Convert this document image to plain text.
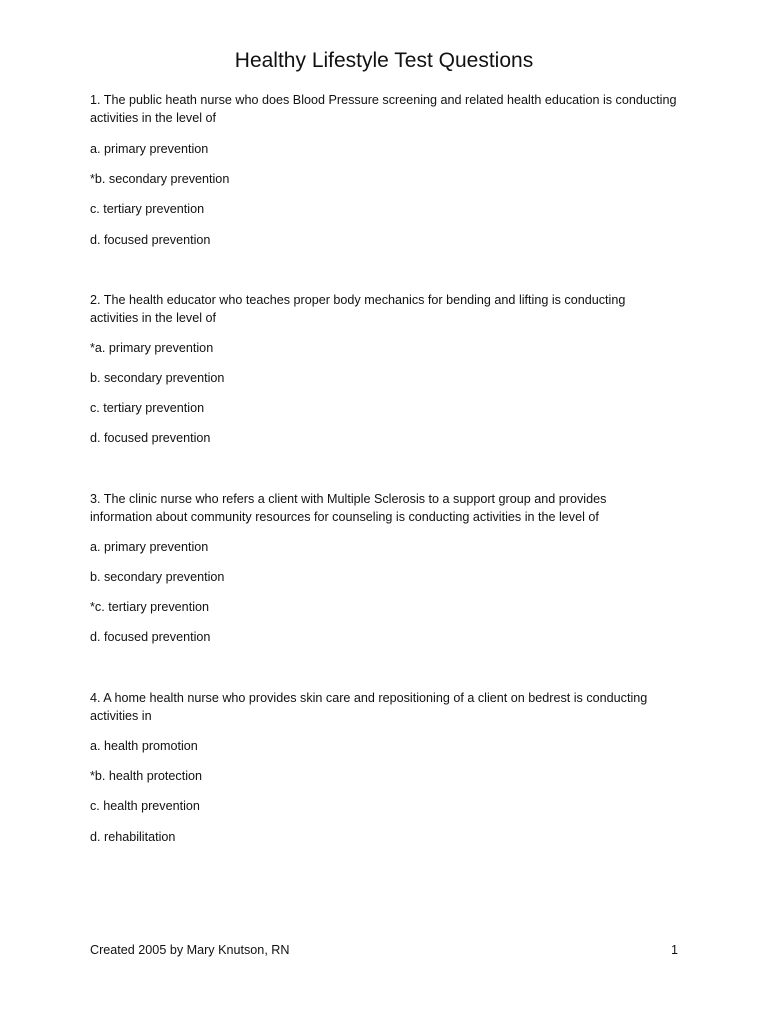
Healthy Lifestyle Test Questions
1. The public heath nurse who does Blood Pressure screening and related health education is conducting
activities in the level of
a. primary prevention
*b. secondary prevention
c. tertiary prevention
d. focused prevention
2. The health educator who teaches proper body mechanics for bending and lifting is conducting
activities in the level of
*a. primary prevention
b. secondary prevention
c. tertiary prevention
d. focused prevention
3. The clinic nurse who refers a client with Multiple Sclerosis to a support group and provides
information about community resources for counseling is conducting activities in the level of
a. primary prevention
b. secondary prevention
*c. tertiary prevention
d. focused prevention
4. A home health nurse who provides skin care and repositioning of a client on bedrest is conducting
activities in
a. health promotion
*b. health protection
c. health prevention
d. rehabilitation
Created 2005 by Mary Knutson, RN	1
